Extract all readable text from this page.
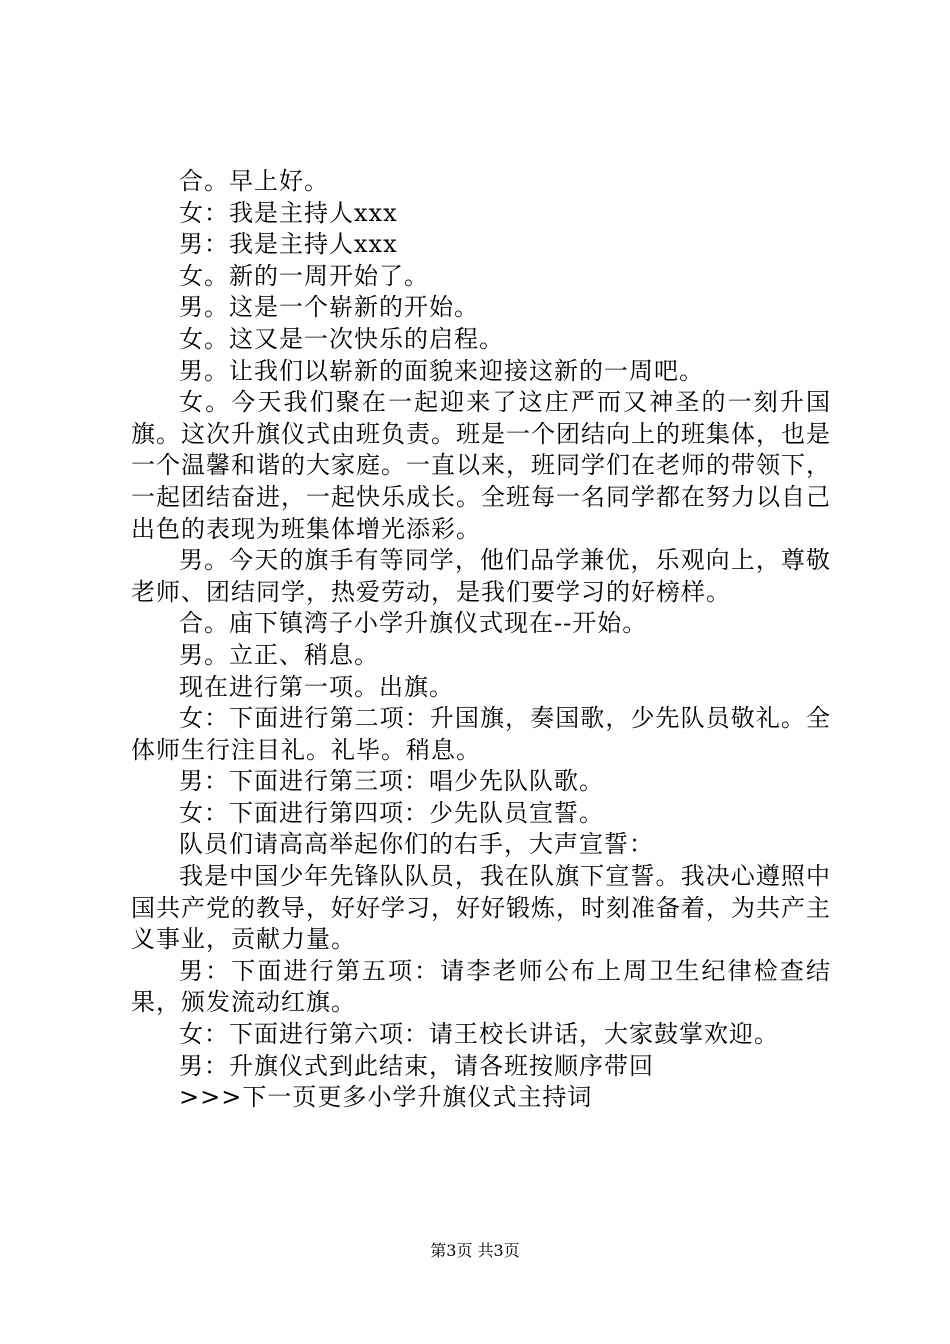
合。早上好。

女：我是主持人xxx

男：我是主持人xxx

女。新的一周开始了。

男。这是一个崭新的开始。

女。这又是一次快乐的启程。

男。让我们以崭新的面貌来迎接这新的一周吧。

女。今天我们聚在一起迎来了这庄严而又神圣的一刻升国旗。这次升旗仪式由班负责。班是一个团结向上的班集体，也是一个温馨和谐的大家庭。一直以来，班同学们在老师的带领下，一起团结奋进，一起快乐成长。全班每一名同学都在努力以自己出色的表现为班集体增光添彩。

男。今天的旗手有等同学，他们品学兼优，乐观向上，尊敬老师、团结同学，热爱劳动，是我们要学习的好榜样。

合。庙下镇湾子小学升旗仪式现在--开始。

男。立正、稍息。

现在进行第一项。出旗。

女：下面进行第二项：升国旗，奏国歌，少先队员敬礼。全体师生行注目礼。礼毕。稍息。

男：下面进行第三项：唱少先队队歌。

女：下面进行第四项：少先队员宣誓。

队员们请高高举起你们的右手，大声宣誓：

我是中国少年先锋队队员，我在队旗下宣誓。我决心遵照中国共产党的教导，好好学习，好好锻炼，时刻准备着，为共产主义事业，贡献力量。

男：下面进行第五项：请李老师公布上周卫生纪律检查结果，颁发流动红旗。

女：下面进行第六项：请王校长讲话，大家鼓掌欢迎。

男：升旗仪式到此结束，请各班按顺序带回

>>>下一页更多小学升旗仪式主持词

第3页 共3页
